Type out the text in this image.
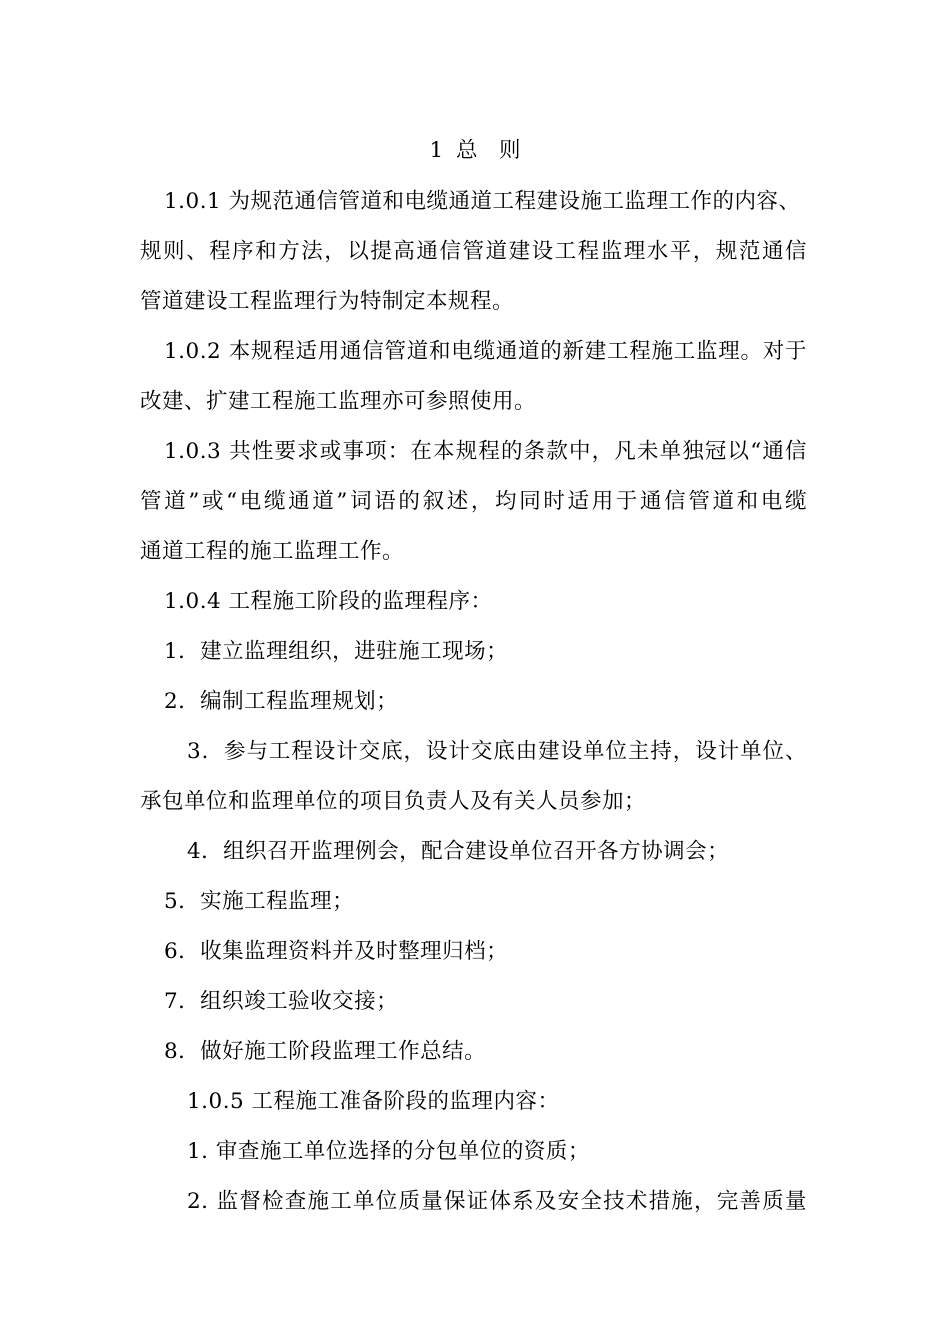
1 总　则
1.0.1 为规范通信管道和电缆通道工程建设施工监理工作的内容、
规则、程序和方法，以提高通信管道建设工程监理水平，规范通信
管道建设工程监理行为特制定本规程。
1.0.2 本规程适用通信管道和电缆通道的新建工程施工监理。对于
改建、扩建工程施工监理亦可参照使用。
1.0.3 共性要求或事项：在本规程的条款中，凡未单独冠以“通信
管道”或“电缆通道”词语的叙述，均同时适用于通信管道和电缆
通道工程的施工监理工作。
1.0.4 工程施工阶段的监理程序：
1．建立监理组织，进驻施工现场；
2．编制工程监理规划；
3．参与工程设计交底，设计交底由建设单位主持，设计单位、
承包单位和监理单位的项目负责人及有关人员参加；
4．组织召开监理例会，配合建设单位召开各方协调会；
5．实施工程监理；
6．收集监理资料并及时整理归档；
7．组织竣工验收交接；
8．做好施工阶段监理工作总结。
1.0.5 工程施工准备阶段的监理内容：
1. 审查施工单位选择的分包单位的资质；
2. 监督检查施工单位质量保证体系及安全技术措施，完善质量
